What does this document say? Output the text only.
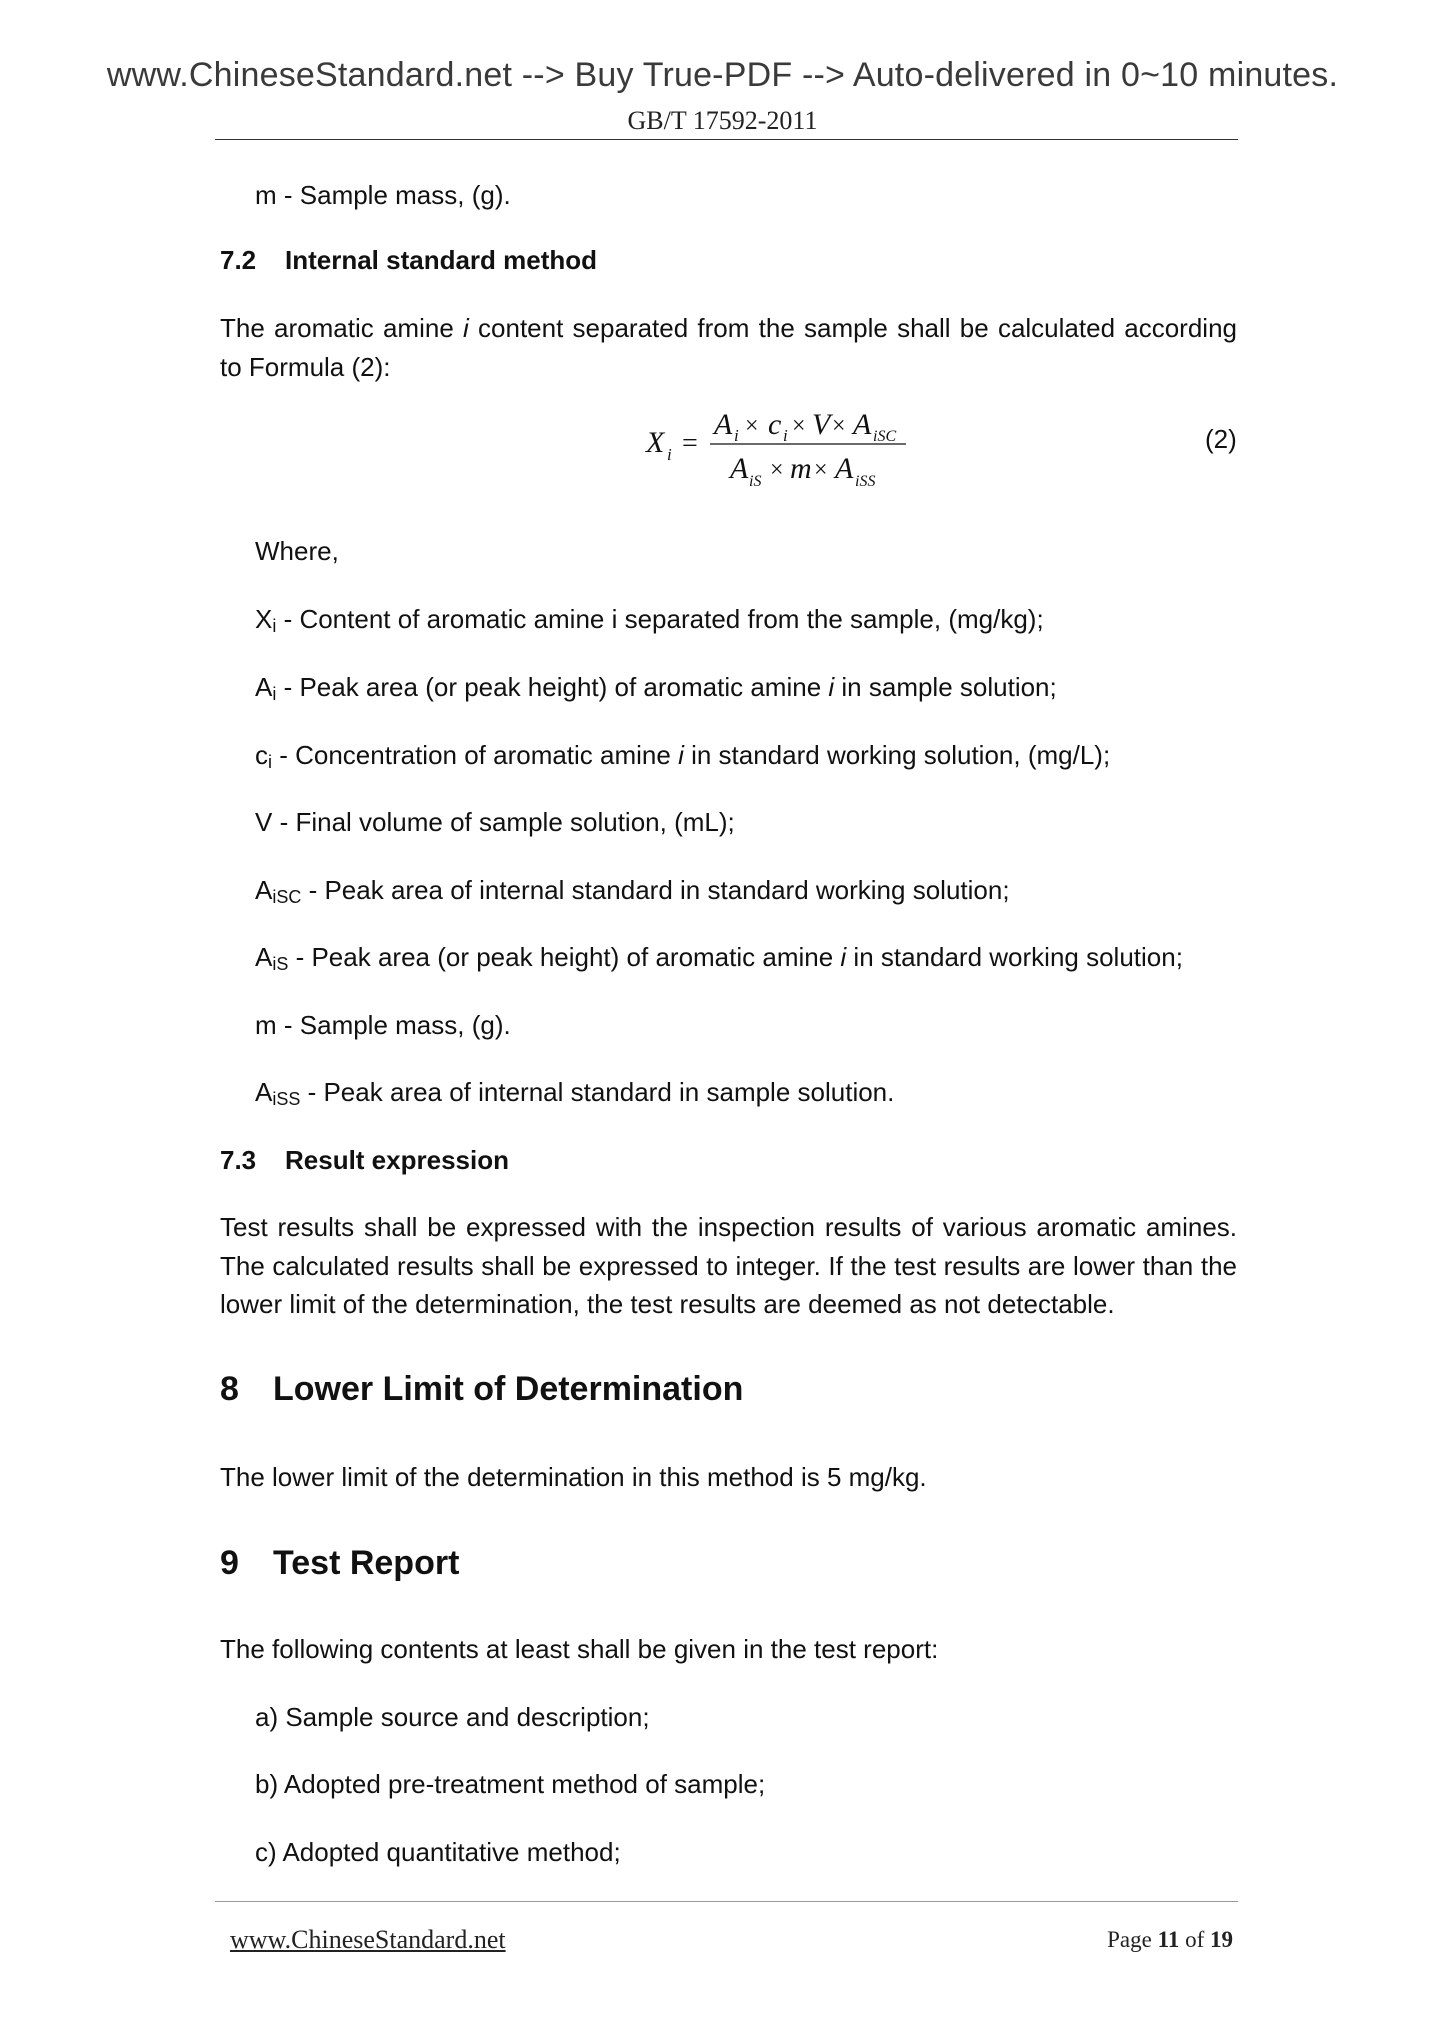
www.ChineseStandard.net --> Buy True-PDF --> Auto-delivered in 0~10 minutes.
GB/T 17592-2011
m - Sample mass, (g).
7.2 Internal standard method
The aromatic amine i content separated from the sample shall be calculated according to Formula (2):
X i =
A i × c i × V × A iSC
A iS × m × A iSS
(2)
Where,
$X_i$ - Content of aromatic amine i separated from the sample, (mg/kg);
$A_i$ - Peak area (or peak height) of aromatic amine i in sample solution;
$c_i$ - Concentration of aromatic amine i in standard working solution, (mg/L);
V - Final volume of sample solution, (mL);
$A_{iSC}$ - Peak area of internal standard in standard working solution;
$A_{iS}$ - Peak area (or peak height) of aromatic amine i in standard working solution;
m - Sample mass, (g).
$A_{iSS}$ - Peak area of internal standard in sample solution.
7.3 Result expression
Test results shall be expressed with the inspection results of various aromatic amines. The calculated results shall be expressed to integer. If the test results are lower than the lower limit of the determination, the test results are deemed as not detectable.
8 Lower Limit of Determination
The lower limit of the determination in this method is 5 mg/kg.
9 Test Report
The following contents at least shall be given in the test report:
a) Sample source and description;
b) Adopted pre-treatment method of sample;
c) Adopted quantitative method;
www.ChineseStandard.net	Page 11 of 19
